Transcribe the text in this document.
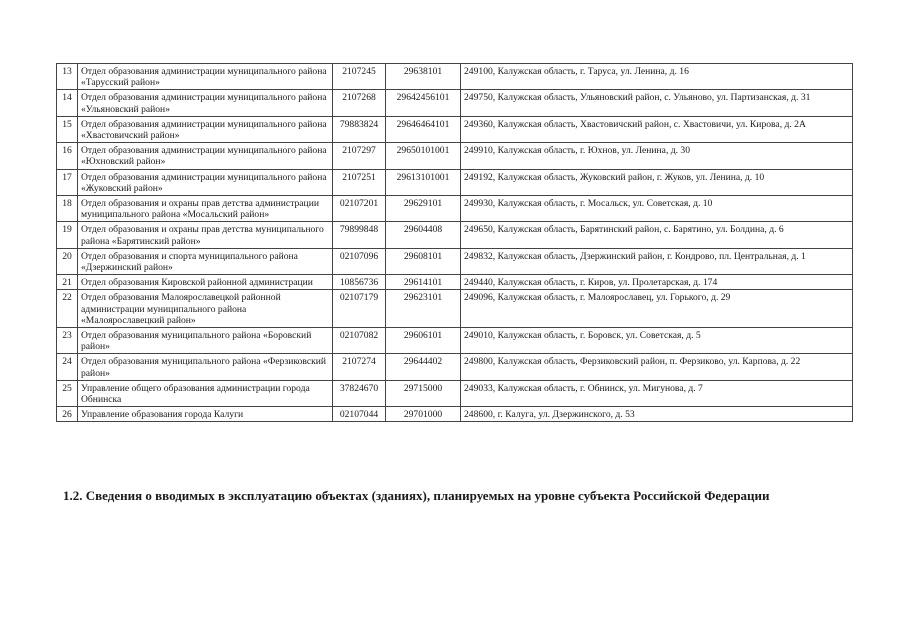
13	Отдел образования администрации муниципального района «Тарусский район»	2107245	29638101	249100, Калужская область, г. Таруса, ул. Ленина, д. 16
14	Отдел образования администрации муниципального района «Ульяновский район»	2107268	29642456101	249750, Калужская область, Ульяновский район, с. Ульяново, ул. Партизанская, д. 31
15	Отдел образования администрации муниципального района «Хвастовичский район»	79883824	29646464101	249360, Калужская область, Хвастовичский район, с. Хвастовичи, ул. Кирова, д. 2А
16	Отдел образования администрации муниципального района «Юхновский район»	2107297	29650101001	249910, Калужская область, г. Юхнов, ул. Ленина, д. 30
17	Отдел образования администрации муниципального района «Жуковский район»	2107251	29613101001	249192, Калужская область, Жуковский район, г. Жуков, ул. Ленина, д. 10
18	Отдел образования и охраны прав детства администрации муниципального района «Мосальский район»	02107201	29629101	249930, Калужская область, г. Мосальск, ул. Советская, д. 10
19	Отдел образования и охраны прав детства муниципального района «Барятинский район»	79899848	29604408	249650, Калужская область, Барятинский район, с. Барятино, ул. Болдина, д. 6
20	Отдел образования и спорта муниципального района «Дзержинский район»	02107096	29608101	249832, Калужская область, Дзержинский район, г. Кондрово, пл. Центральная, д. 1
21	Отдел образования Кировской районной администрации	10856736	29614101	249440, Калужская область, г. Киров, ул. Пролетарская, д. 174
22	Отдел образования Малоярославецкой районной администрации муниципального района «Малоярославецкий район»	02107179	29623101	249096, Калужская область, г. Малоярославец, ул. Горького, д. 29
23	Отдел образования муниципального района «Боровский район»	02107082	29606101	249010, Калужская область, г. Боровск, ул. Советская, д. 5
24	Отдел образования муниципального района «Ферзиковский район»	2107274	29644402	249800, Калужская область, Ферзиковский район, п. Ферзиково, ул. Карпова, д. 22
25	Управление общего образования администрации города Обнинска	37824670	29715000	249033, Калужская область, г. Обнинск, ул. Мигунова, д. 7
26	Управление образования города Калуги	02107044	29701000	248600, г. Калуга, ул. Дзержинского, д. 53
1.2. Сведения о вводимых в эксплуатацию объектах (зданиях), планируемых на уровне субъекта Российской Федерации
